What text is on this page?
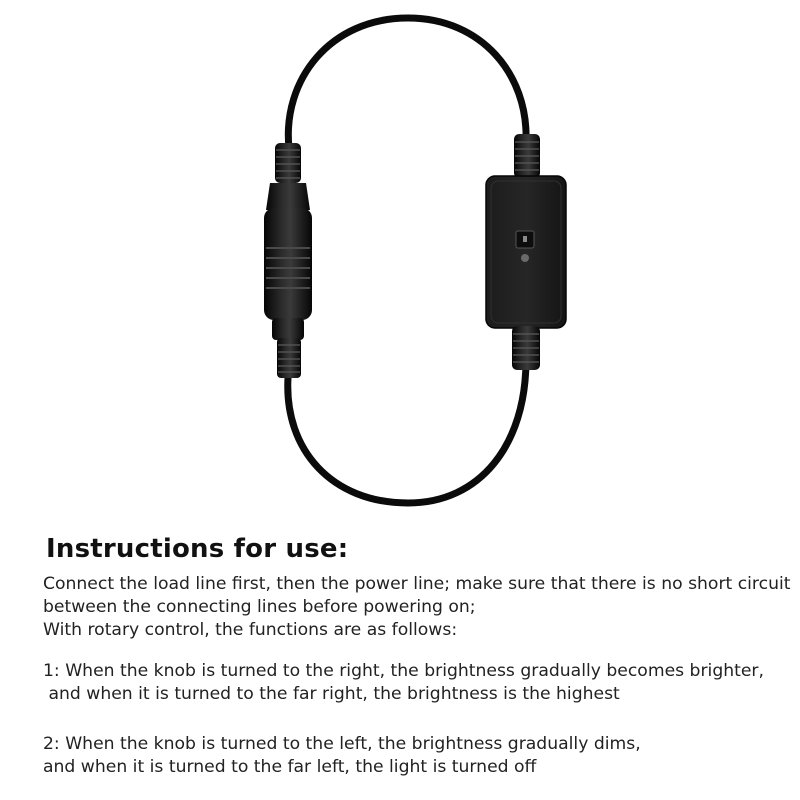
Instructions for use:

Connect the load line first, then the power line; make sure that there is no short circuit

between the connecting lines before powering on;

With rotary control, the functions are as follows:

1: When the knob is turned to the right, the brightness gradually becomes brighter,

and when it is turned to the far right, the brightness is the highest

2: When the knob is turned to the left, the brightness gradually dims,

and when it is turned to the far left, the light is turned off
